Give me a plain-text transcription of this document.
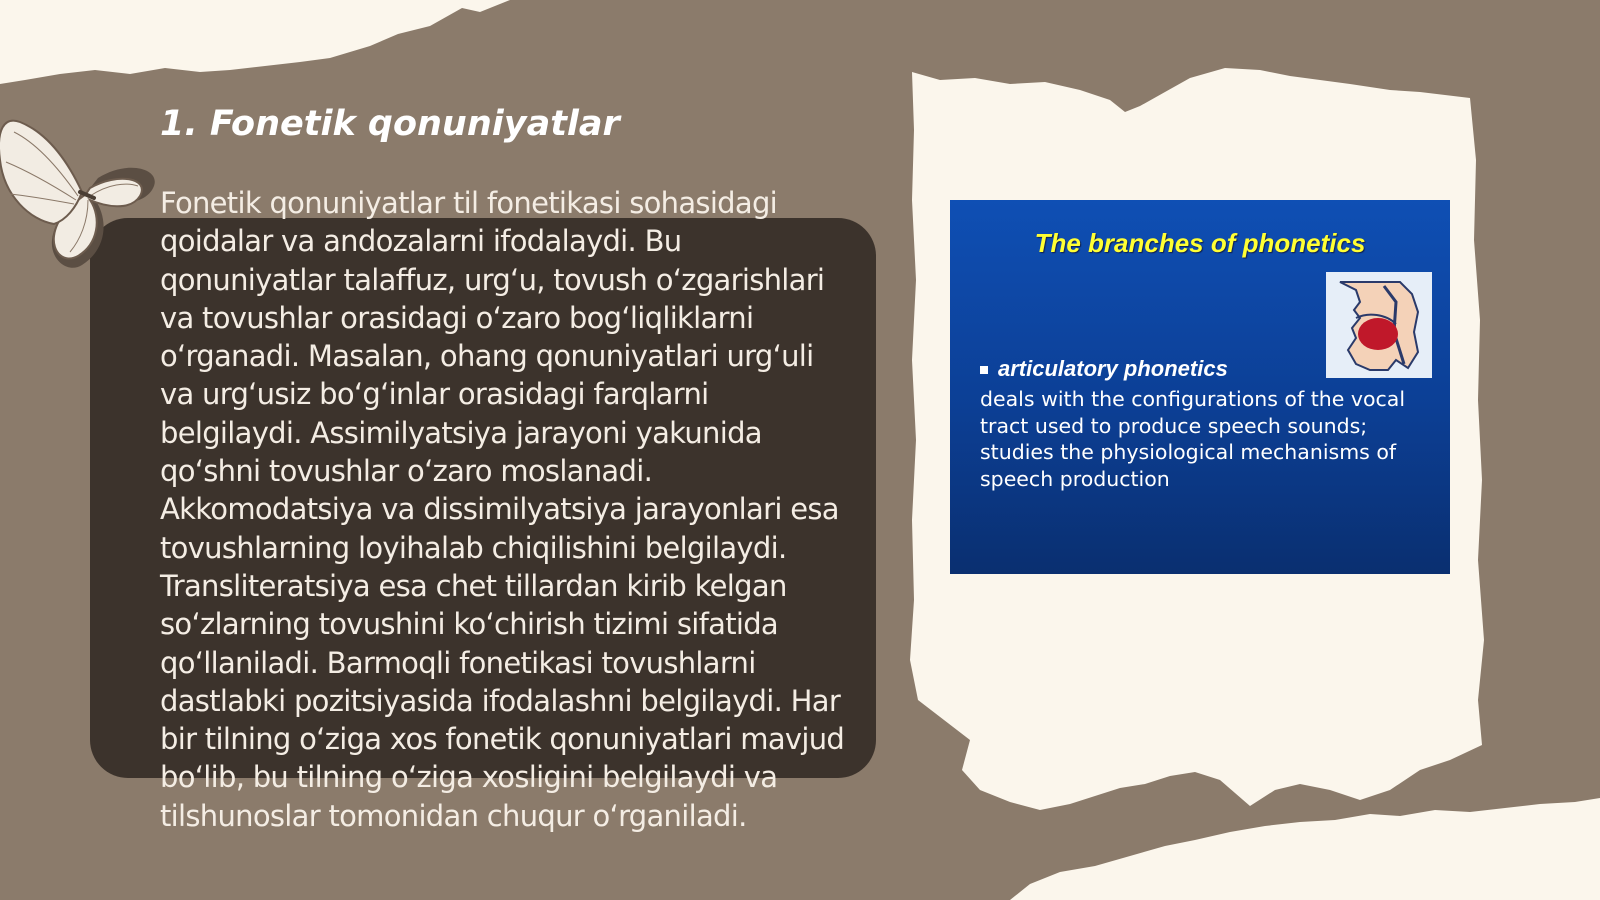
1. Fonetik qonuniyatlar

Fonetik qonuniyatlar til fonetikasi sohasidagi qoidalar va andozalarni ifodalaydi. Bu qonuniyatlar talaffuz, urg‘u, tovush o‘zgarishlari va tovushlar orasidagi o‘zaro bog‘liqliklarni o‘rganadi. Masalan, ohang qonuniyatlari urg‘uli va urg‘usiz bo‘g‘inlar orasidagi farqlarni belgilaydi. Assimilyatsiya jarayoni yakunida qo‘shni tovushlar o‘zaro moslanadi. Akkomodatsiya va dissimilyatsiya jarayonlari esa tovushlarning loyihalab chiqilishini belgilaydi. Transliteratsiya esa chet tillardan kirib kelgan so‘zlarning tovushini ko‘chirish tizimi sifatida qo‘llaniladi. Barmoqli fonetikasi tovushlarni dastlabki pozitsiyasida ifodalashni belgilaydi. Har bir tilning o‘ziga xos fonetik qonuniyatlari mavjud bo‘lib, bu tilning o‘ziga xosligini belgilaydi va tilshunoslar tomonidan chuqur o‘rganiladi.

The branches of phonetics
articulatory phonetics

deals with the configurations of the vocal tract used to produce speech sounds; studies the physiological mechanisms of speech production
